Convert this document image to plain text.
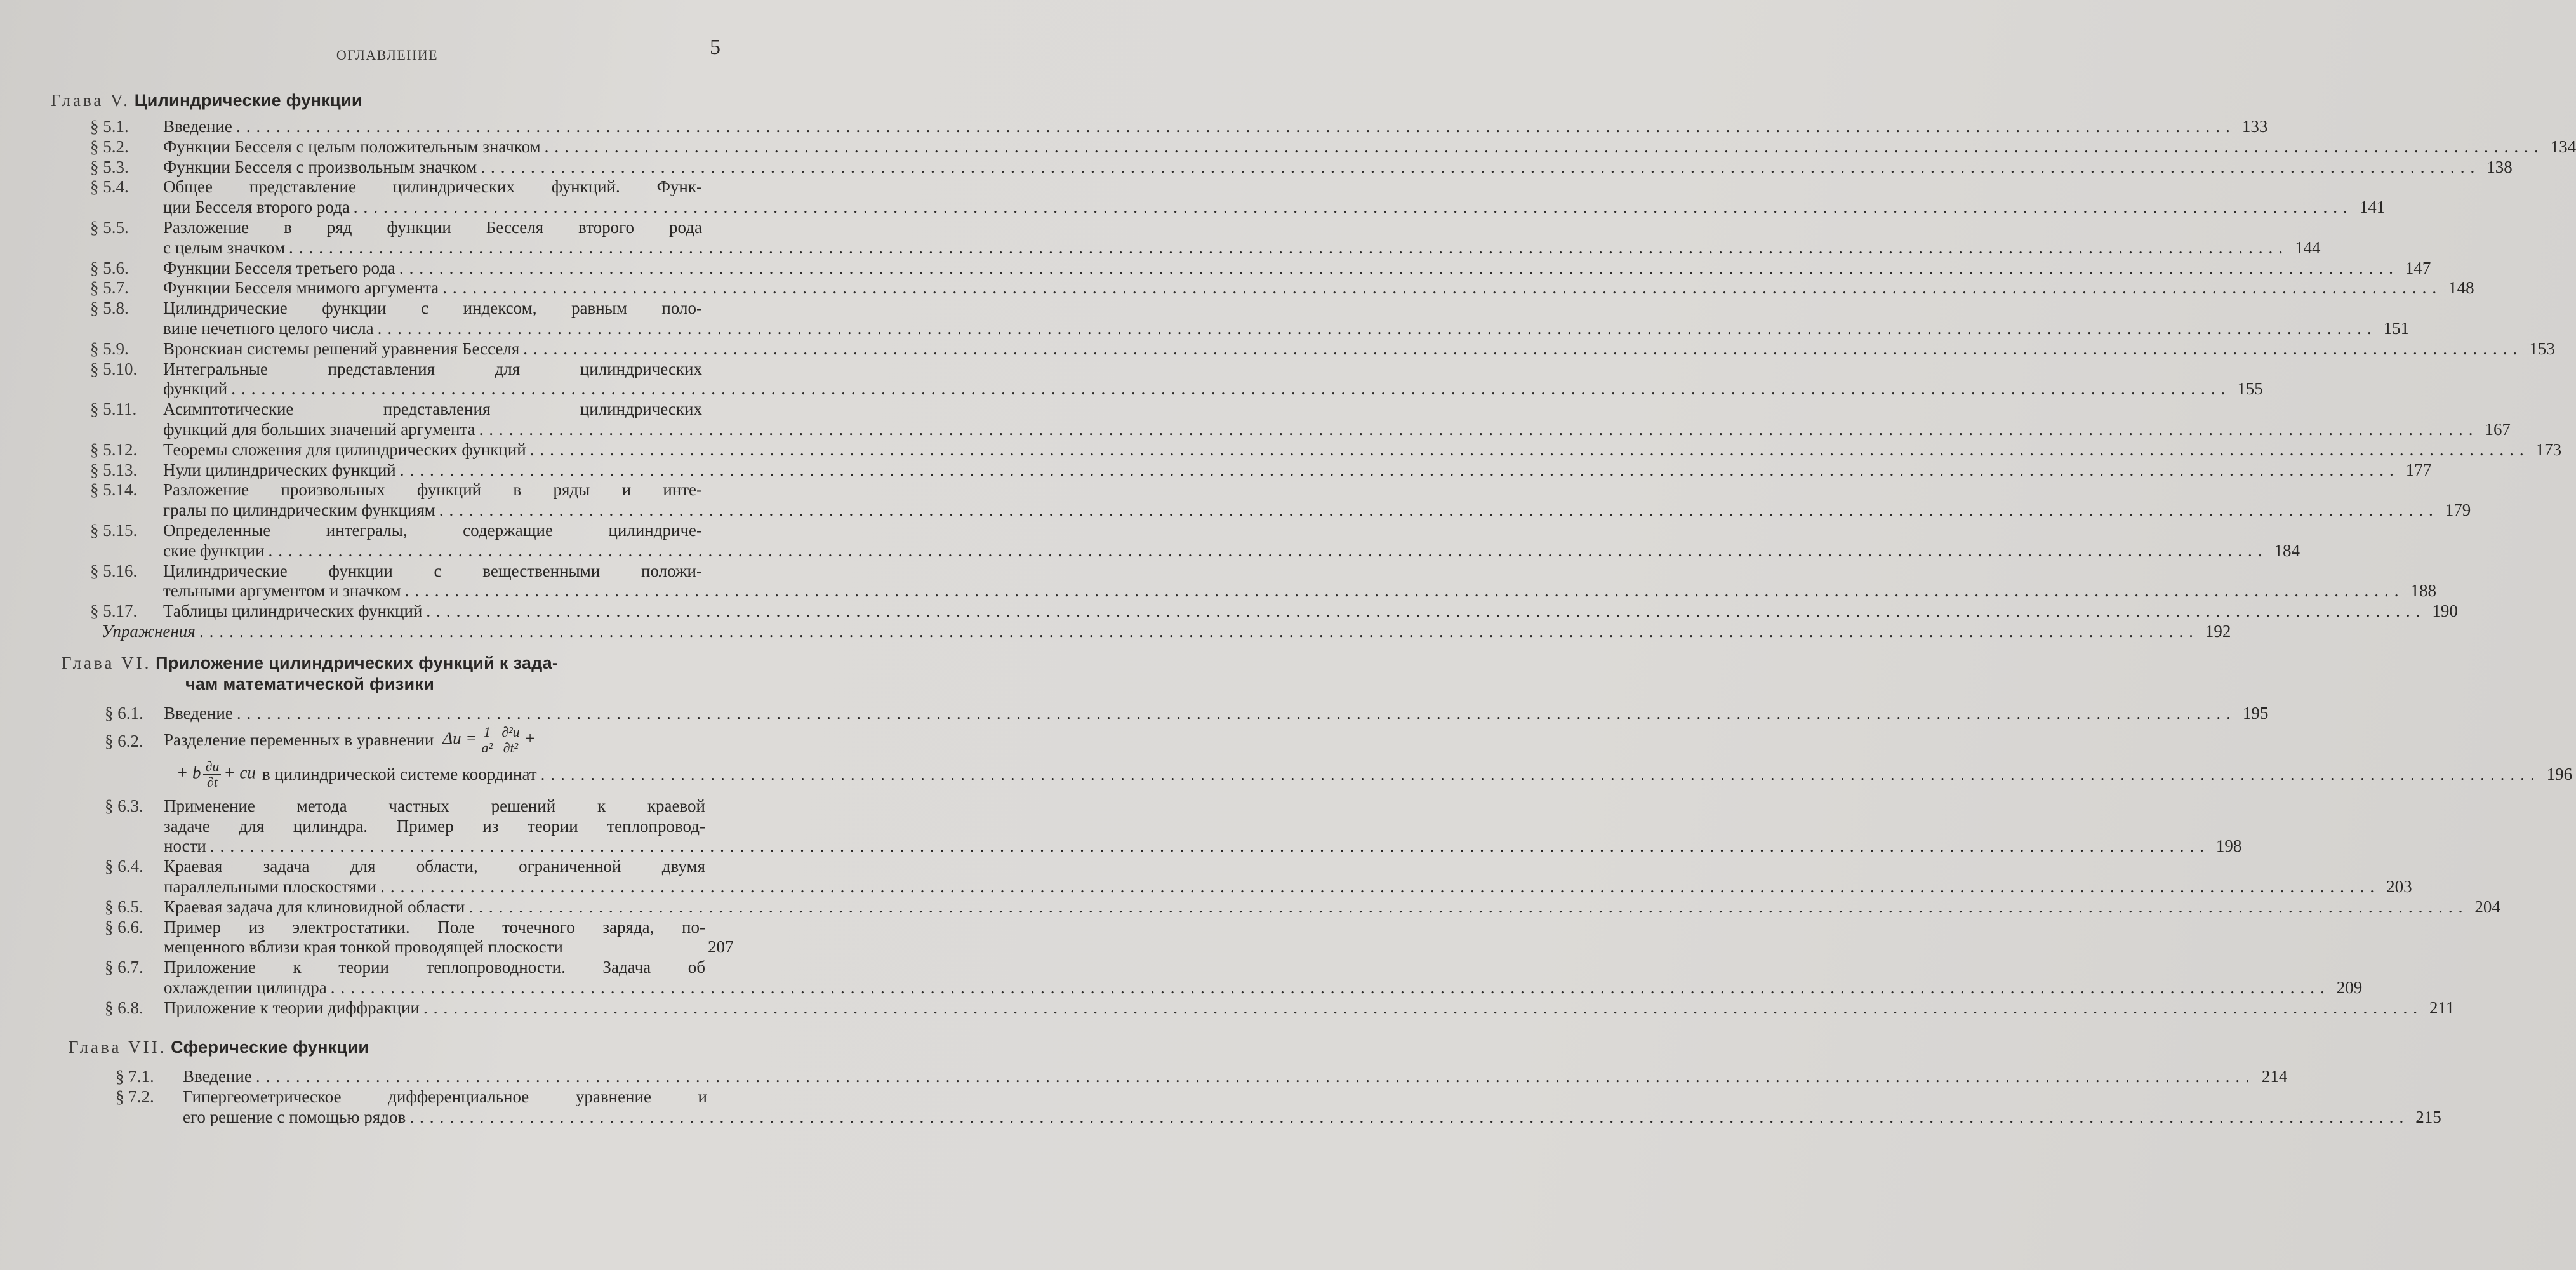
ОГЛАВЛЕНИЕ	5
Глава V. Цилиндрические функции
§ 5.1. Введение ........................................................................................................................................................................................................ 133
§ 5.2. Функции Бесселя с целым положительным значком ........................................................................................................................................................................................................ 134
§ 5.3. Функции Бесселя с произвольным значком ........................................................................................................................................................................................................ 138
§ 5.4. Общее представление цилиндрических функций. Функ-
ции Бесселя второго рода ........................................................................................................................................................................................................ 141
§ 5.5. Разложение в ряд функции Бесселя второго рода
с целым значком ........................................................................................................................................................................................................ 144
§ 5.6. Функции Бесселя третьего рода ........................................................................................................................................................................................................ 147
§ 5.7. Функции Бесселя мнимого аргумента ........................................................................................................................................................................................................ 148
§ 5.8. Цилиндрические функции с индексом, равным поло-
вине нечетного целого числа ........................................................................................................................................................................................................ 151
§ 5.9. Вронскиан системы решений уравнения Бесселя ........................................................................................................................................................................................................ 153
§ 5.10. Интегральные представления для цилиндрических
функций ........................................................................................................................................................................................................ 155
§ 5.11. Асимптотические представления цилиндрических
функций для больших значений аргумента ........................................................................................................................................................................................................ 167
§ 5.12. Теоремы сложения для цилиндрических функций ........................................................................................................................................................................................................ 173
§ 5.13. Нули цилиндрических функций ........................................................................................................................................................................................................ 177
§ 5.14. Разложение произвольных функций в ряды и инте-
гралы по цилиндрическим функциям ........................................................................................................................................................................................................ 179
§ 5.15. Определенные интегралы, содержащие цилиндриче-
ские функции ........................................................................................................................................................................................................ 184
§ 5.16. Цилиндрические функции с вещественными положи-
тельными аргументом и значком ........................................................................................................................................................................................................ 188
§ 5.17. Таблицы цилиндрических функций ........................................................................................................................................................................................................ 190
Упражнения ........................................................................................................................................................................................................ 192
Глава VI. Приложение цилиндрических функций к зада-
чам математической физики
§ 6.1. Введение ........................................................................................................................................................................................................ 195
§ 6.2. Разделение переменных в уравнении $\Delta u = \frac{1}{\text{a²}} \frac{\text{∂²u}}{\text{∂t²}}$ +
+ b $\frac{\partial u}{\partial t}$ + cu в цилиндрической системе координат ........................................................................................................................................................................................................ 196
§ 6.3. Применение метода частных решений к краевой
задаче для цилиндра. Пример из теории теплопровод-
ности ........................................................................................................................................................................................................ 198
§ 6.4. Краевая задача для области, ограниченной двумя
параллельными плоскостями ........................................................................................................................................................................................................ 203
§ 6.5. Краевая задача для клиновидной области ........................................................................................................................................................................................................ 204
§ 6.6. Пример из электростатики. Поле точечного заряда, по-
мещенного вблизи края тонкой проводящей плоскости	207
§ 6.7. Приложение к теории теплопроводности. Задача об
охлаждении цилиндра ........................................................................................................................................................................................................ 209
§ 6.8. Приложение к теории диффракции ........................................................................................................................................................................................................ 211
Глава VII. Сферические функции
§ 7.1. Введение ........................................................................................................................................................................................................ 214
§ 7.2. Гипергеометрическое дифференциальное уравнение и
его решение с помощью рядов ........................................................................................................................................................................................................ 215
